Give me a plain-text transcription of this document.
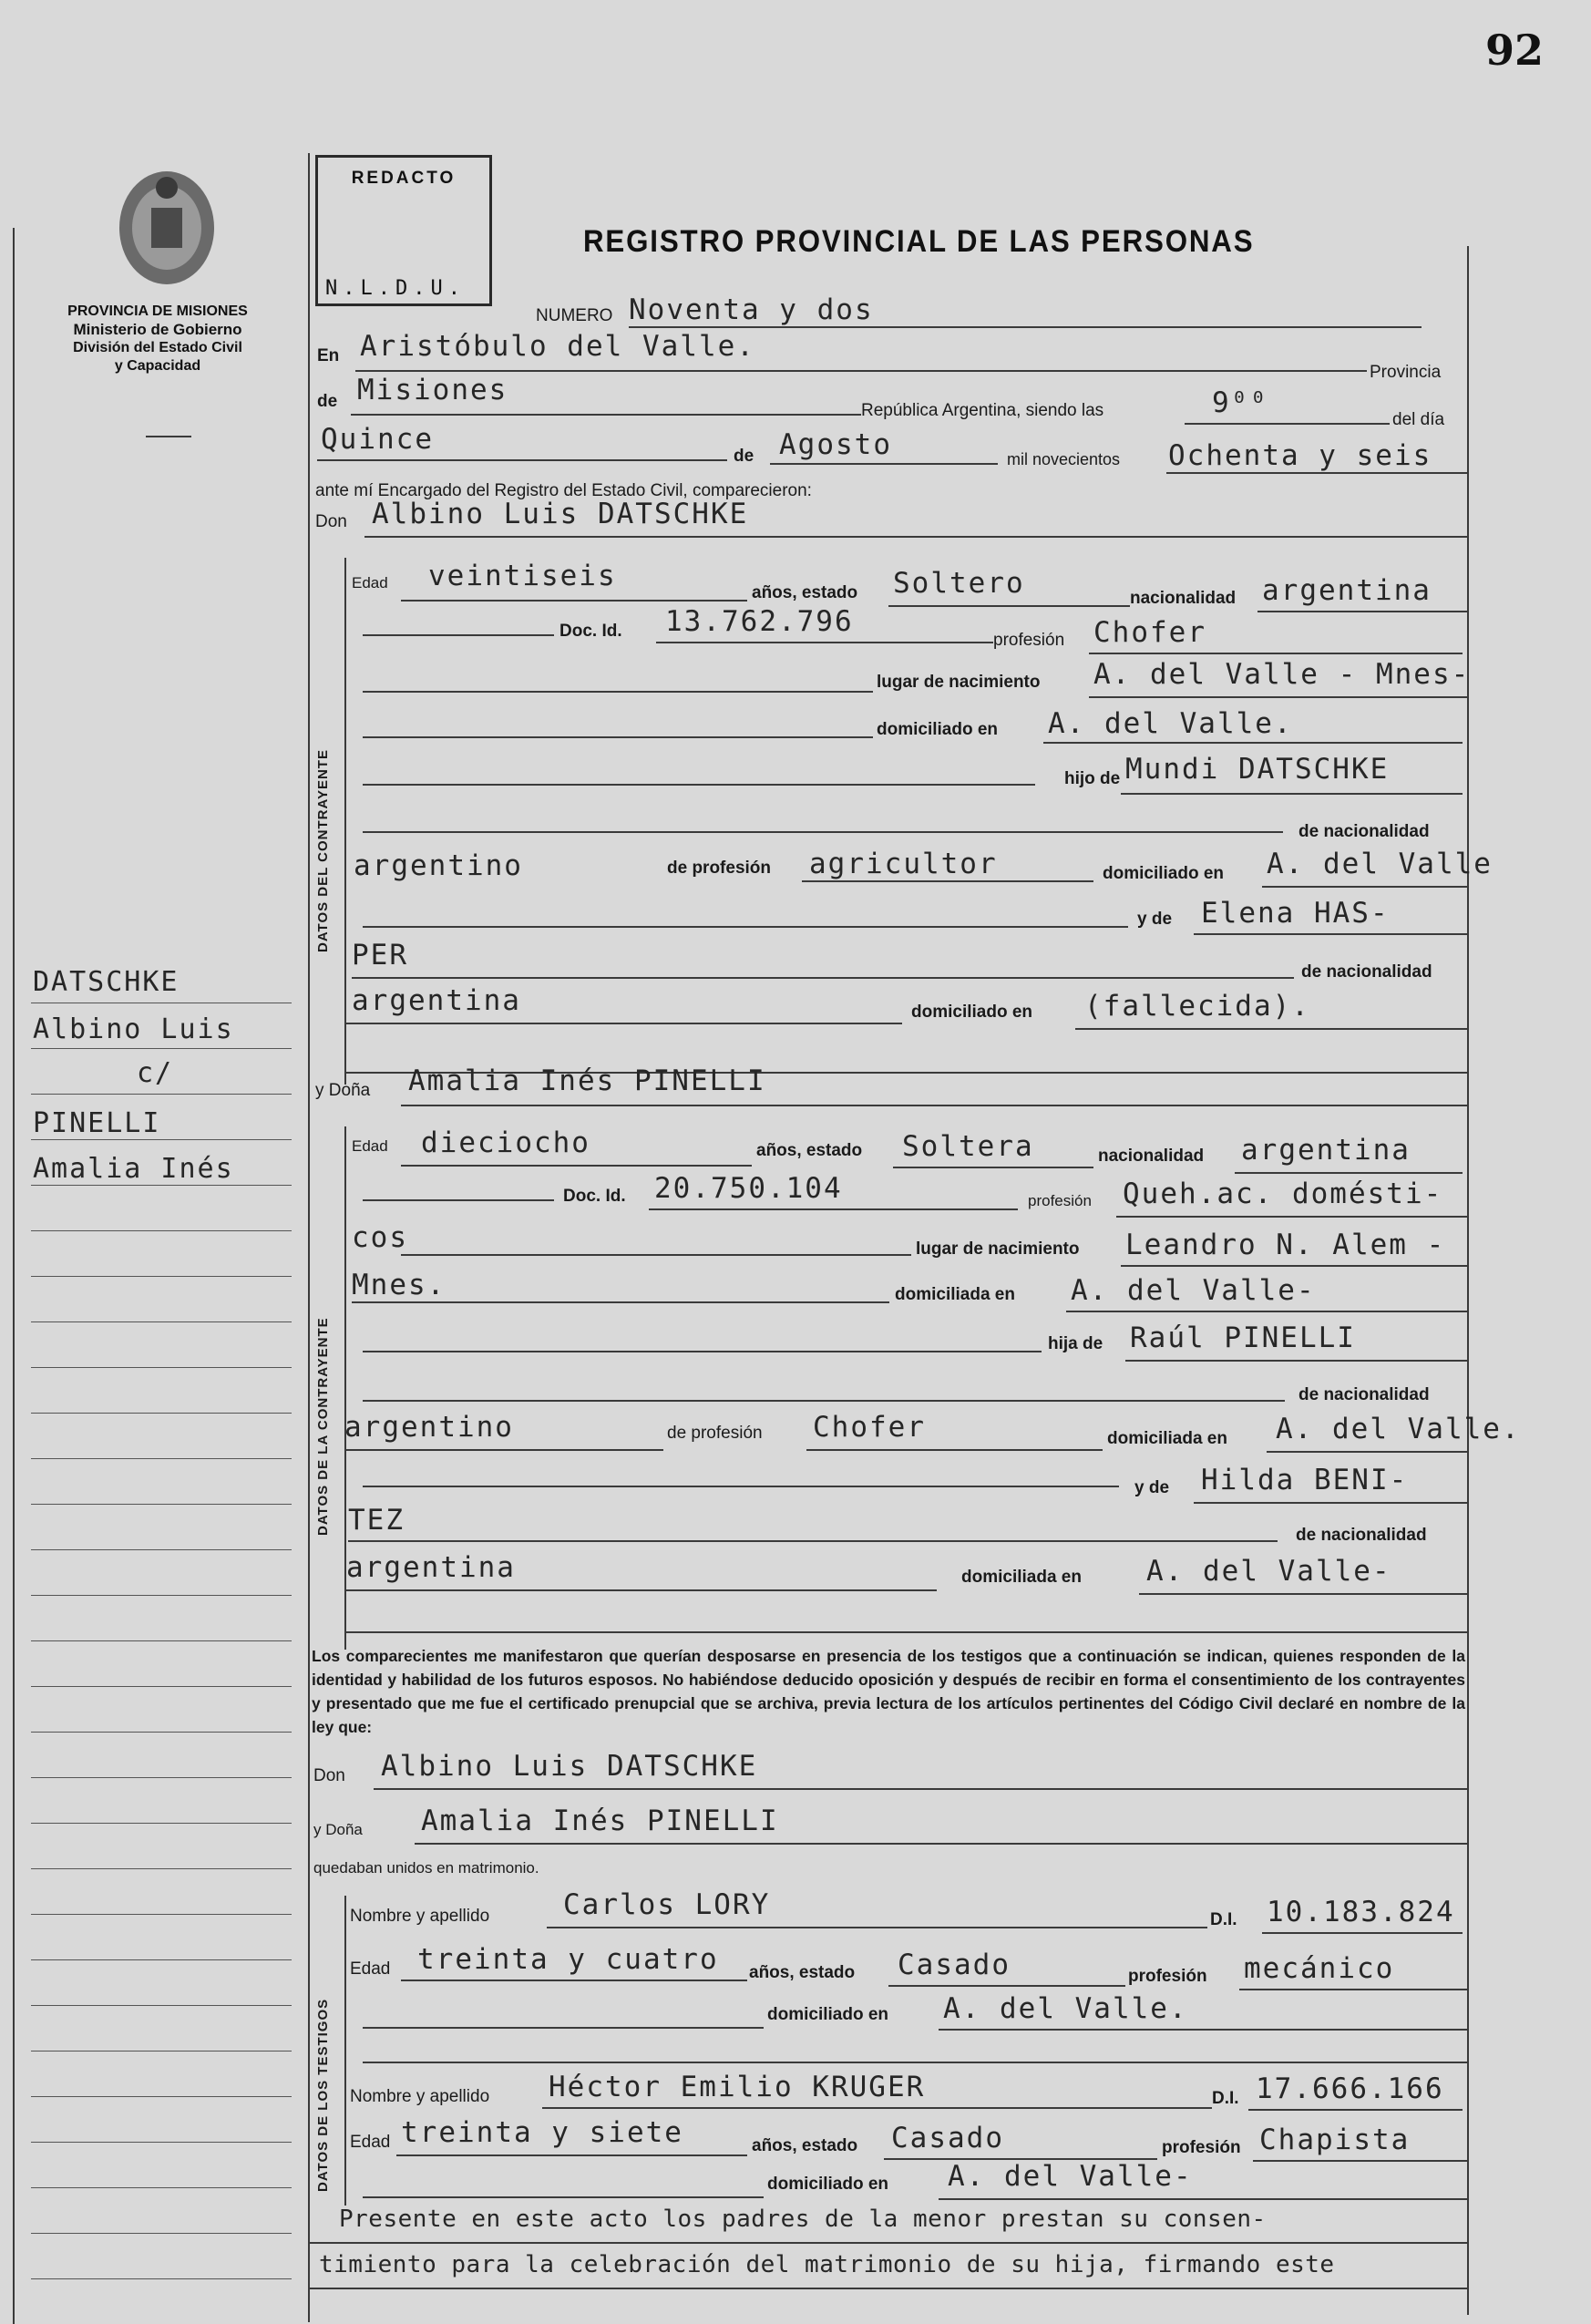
92
PROVINCIA DE MISIONES
Ministerio de Gobierno
División del Estado Civil
y Capacidad
REDACTO
N.L.D.U.
REGISTRO PROVINCIAL DE LAS PERSONAS
DATSCHKE
Albino Luis
c/
PINELLI
Amalia Inés
NUMERO Noventa y dos
En Aristóbulo del Valle.
Provincia
de Misiones
República Argentina, siendo las	9⁰⁰
del día
Quince
de Agosto	mil novecientos Ochenta y seis
ante mí Encargado del Registro del Estado Civil, comparecieron:
Don Albino Luis DATSCHKE
DATOS DEL CONTRAYENTE
Edad veintiseis
años, estado Soltero	nacionalidad argentina
Doc. Id. 13.762.796
profesión Chofer
lugar de nacimiento A. del Valle - Mnes-
domiciliado en A. del Valle.
hijo de Mundi DATSCHKE
de nacionalidad
argentino	de profesión agricultor	domiciliado en A. del Valle
y de Elena HAS-
PER
de nacionalidad
argentina	domiciliado en (fallecida).
y Doña Amalia Inés PINELLI
DATOS DE LA CONTRAYENTE
Edad dieciocho	años, estado Soltera	nacionalidad argentina
Doc. Id. 20.750.104	profesión Queh.ac. domésti-
cos	lugar de nacimiento Leandro N. Alem -
Mnes.	domiciliada en A. del Valle-
hija de Raúl PINELLI
de nacionalidad
argentino	de profesión Chofer	domiciliada en A. del Valle.
y de Hilda BENI-
TEZ	de nacionalidad
argentina	domiciliada en A. del Valle-
Los comparecientes me manifestaron que querían desposarse en presencia de los testigos que a continuación se indican, quienes responden de la identidad y habilidad de los futuros esposos. No habiéndose deducido oposición y después de recibir en forma el consentimiento de los contrayentes y presentado que me fue el certificado prenupcial que se archiva, previa lectura de los artículos pertinentes del Código Civil declaré en nombre de la ley que:
Don Albino Luis DATSCHKE
y Doña Amalia Inés PINELLI
quedaban unidos en matrimonio.
DATOS DE LOS TESTIGOS
Nombre y apellido	Carlos LORY	D.I. 10.183.824
Edad treinta y cuatro años, estado Casado	profesión mecánico
domiciliado en A. del Valle.
Nombre y apellido Héctor Emilio KRUGER	D.I. 17.666.166
Edad treinta y siete	años, estado Casado	profesión Chapista
domiciliado en A. del Valle-
Presente en este acto los padres de la menor prestan su consen-
timiento para la celebración del matrimonio de su hija, firmando este
